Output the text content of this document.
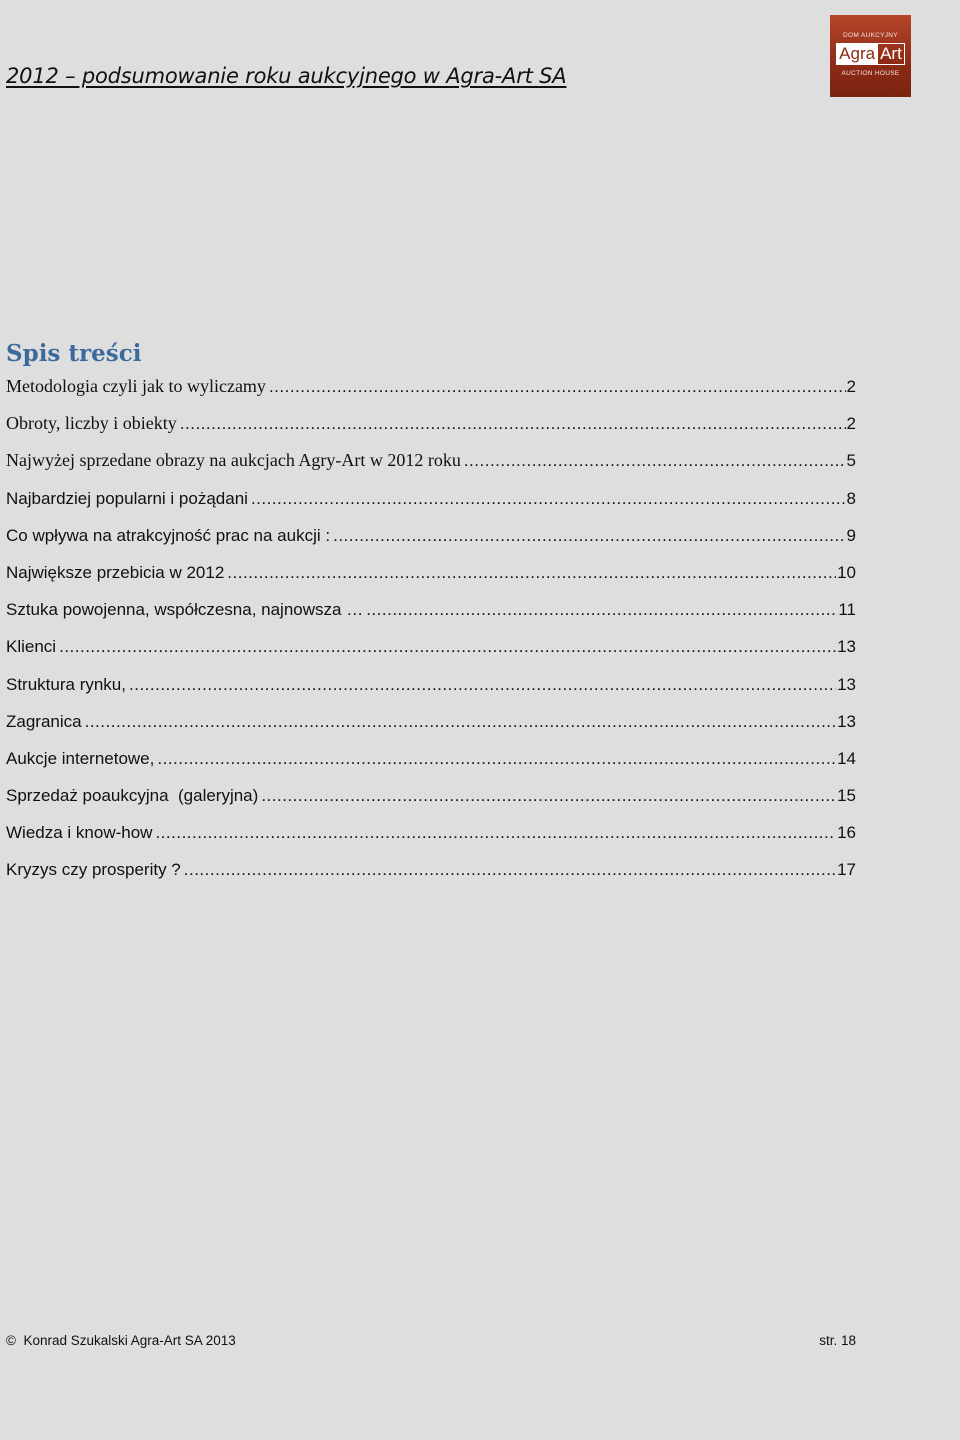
2012 – podsumowanie roku aukcyjnego w Agra-Art SA
DOM AUKCYJNY
Agra Art
AUCTION HOUSE
Spis treści
Metodologia czyli jak to wyliczamy .....	2
Obroty, liczby i obiekty .....	2
Najwyżej sprzedane obrazy na aukcjach Agry-Art w 2012 roku .....	5
Najbardziej popularni i pożądani .....	8
Co wpływa na atrakcyjność prac na aukcji : .....	9
Największe przebicia w 2012 .....	10
Sztuka powojenna, współczesna, najnowsza … .....	11
Klienci .....	13
Struktura rynku, .....	13
Zagranica .....	13
Aukcje internetowe, .....	14
Sprzedaż poaukcyjna  (galeryjna) .....	15
Wiedza i know-how .....	16
Kryzys czy prosperity ? .....	17
©  Konrad Szukalski Agra-Art SA 2013	str. 18
